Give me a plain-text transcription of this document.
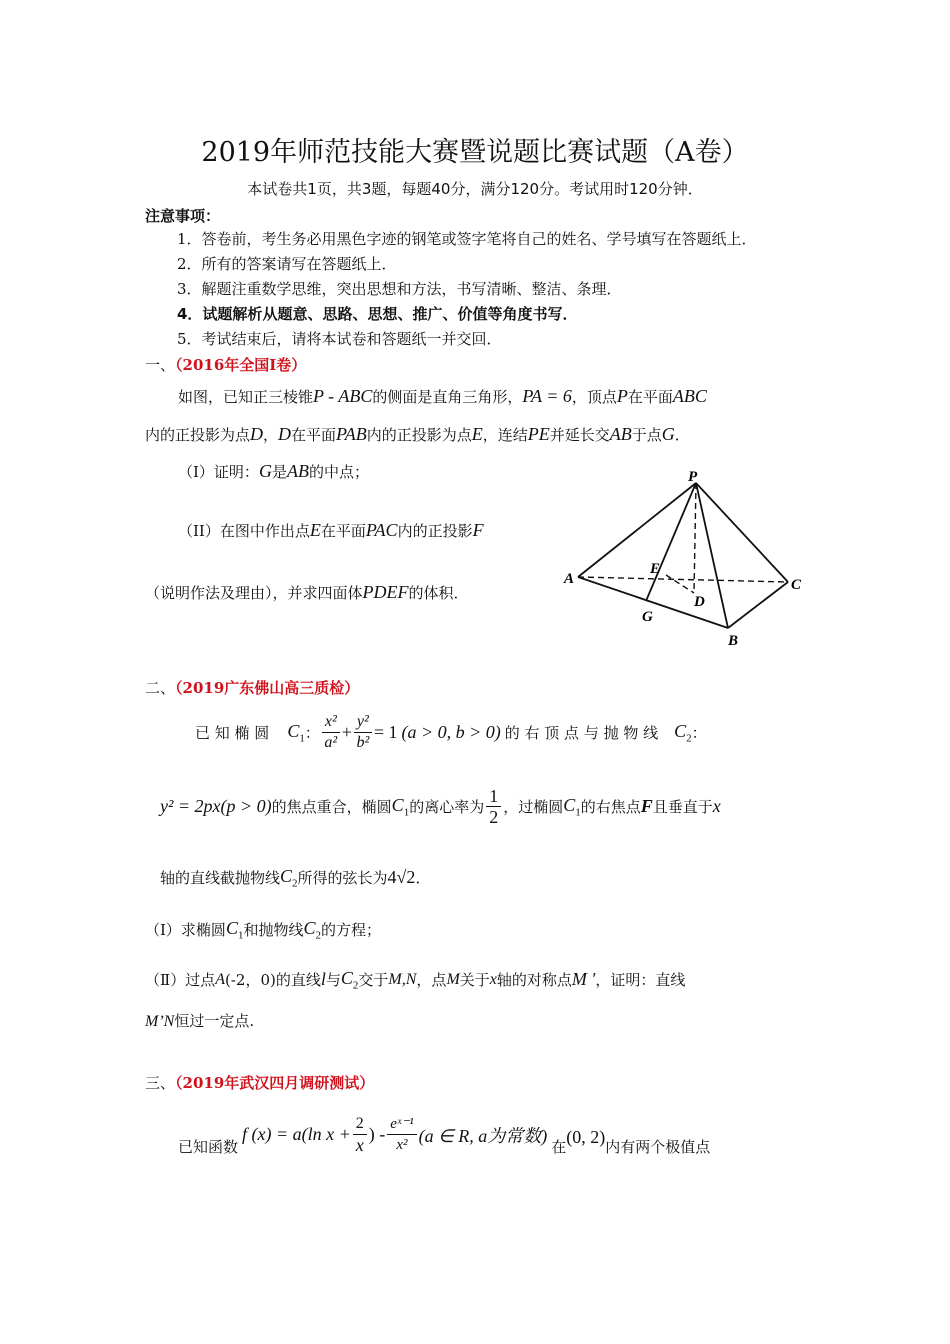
2019年师范技能大赛暨说题比赛试题（A卷）
本试卷共1页，共3题，每题40分，满分120分。考试用时120分钟．
注意事项：
1．答卷前，考生务必用黑色字迹的钢笔或签字笔将自己的姓名、学号填写在答题纸上．
2．所有的答案请写在答题纸上．
3．解题注重数学思维，突出思想和方法，书写清晰、整洁、条理．
4．试题解析从题意、思路、思想、推广、价值等角度书写．
5．考试结束后，请将本试卷和答题纸一并交回．
一、（2016年全国I卷）
如图，已知正三棱锥P - ABC的侧面是直角三角形，PA = 6，顶点P在平面ABC
内的正投影为点D，D在平面PAB内的正投影为点E，连结PE并延长交AB于点G．
（I）证明：G是AB的中点；
（II）在图中作出点E在平面PAC内的正投影F
（说明作法及理由），并求四面体PDEF的体积．
P
A
B
C
D
E
G
二、（2019广东佛山高三质检）
已 知 椭 圆 $C_1$ ： $\frac{\text{x²}}{\text{a²}} + \frac{\text{y²}}{\text{b²}} = 1$ (a > 0, b > 0) 的 右 顶 点 与 抛 物 线 $C_2$ ：
y² = 2px(p > 0) 的焦点重合，椭圆 $C_1$ 的离心率为 $\frac{1}{2}$ ，过椭圆 $C_1$ 的右焦点 F 且垂直于 x
轴的直线截抛物线 $C_2$ 所得的弦长为 4√2 ．
（Ⅰ）求椭圆 $C_1$ 和抛物线 $C_2$ 的方程；
（Ⅱ）过点 A (-2，0)的直线 l 与 $C_2$ 交于 M,N ，点 M 关于 x 轴的对称点 M ′ ，证明：直线
M’N恒过一定点.
三、（2019年武汉四月调研测试）
已知函数
f (x) = a(ln $x + \frac{2}{x}$ ) - $\frac{\text{eˣ⁻¹}}{\text{x²}} (a$ ∈ R, a为常数)
在 (0, 2) 内有两个极值点
